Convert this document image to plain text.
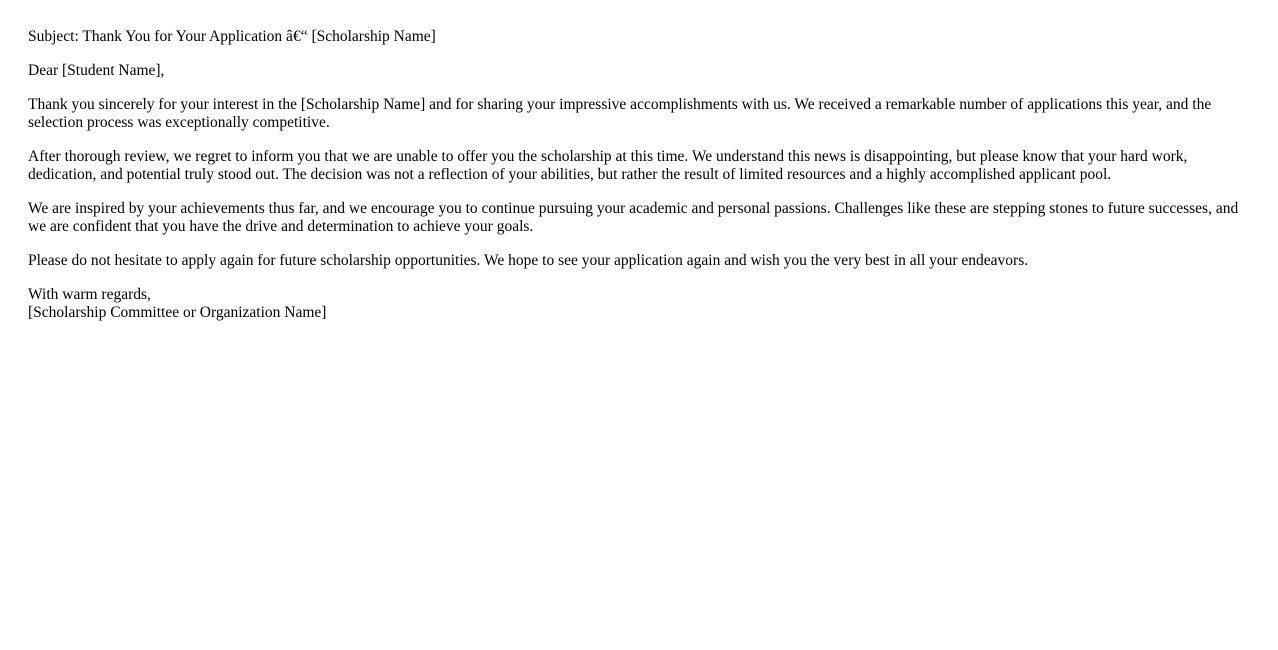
Subject: Thank You for Your Application â€“ [Scholarship Name]

Dear [Student Name],

Thank you sincerely for your interest in the [Scholarship Name] and for sharing your impressive accomplishments with us. We received a remarkable number of applications this year, and the selection process was exceptionally competitive.

After thorough review, we regret to inform you that we are unable to offer you the scholarship at this time. We understand this news is disappointing, but please know that your hard work, dedication, and potential truly stood out. The decision was not a reflection of your abilities, but rather the result of limited resources and a highly accomplished applicant pool.

We are inspired by your achievements thus far, and we encourage you to continue pursuing your academic and personal passions. Challenges like these are stepping stones to future successes, and we are confident that you have the drive and determination to achieve your goals.

Please do not hesitate to apply again for future scholarship opportunities. We hope to see your application again and wish you the very best in all your endeavors.

With warm regards,
[Scholarship Committee or Organization Name]
